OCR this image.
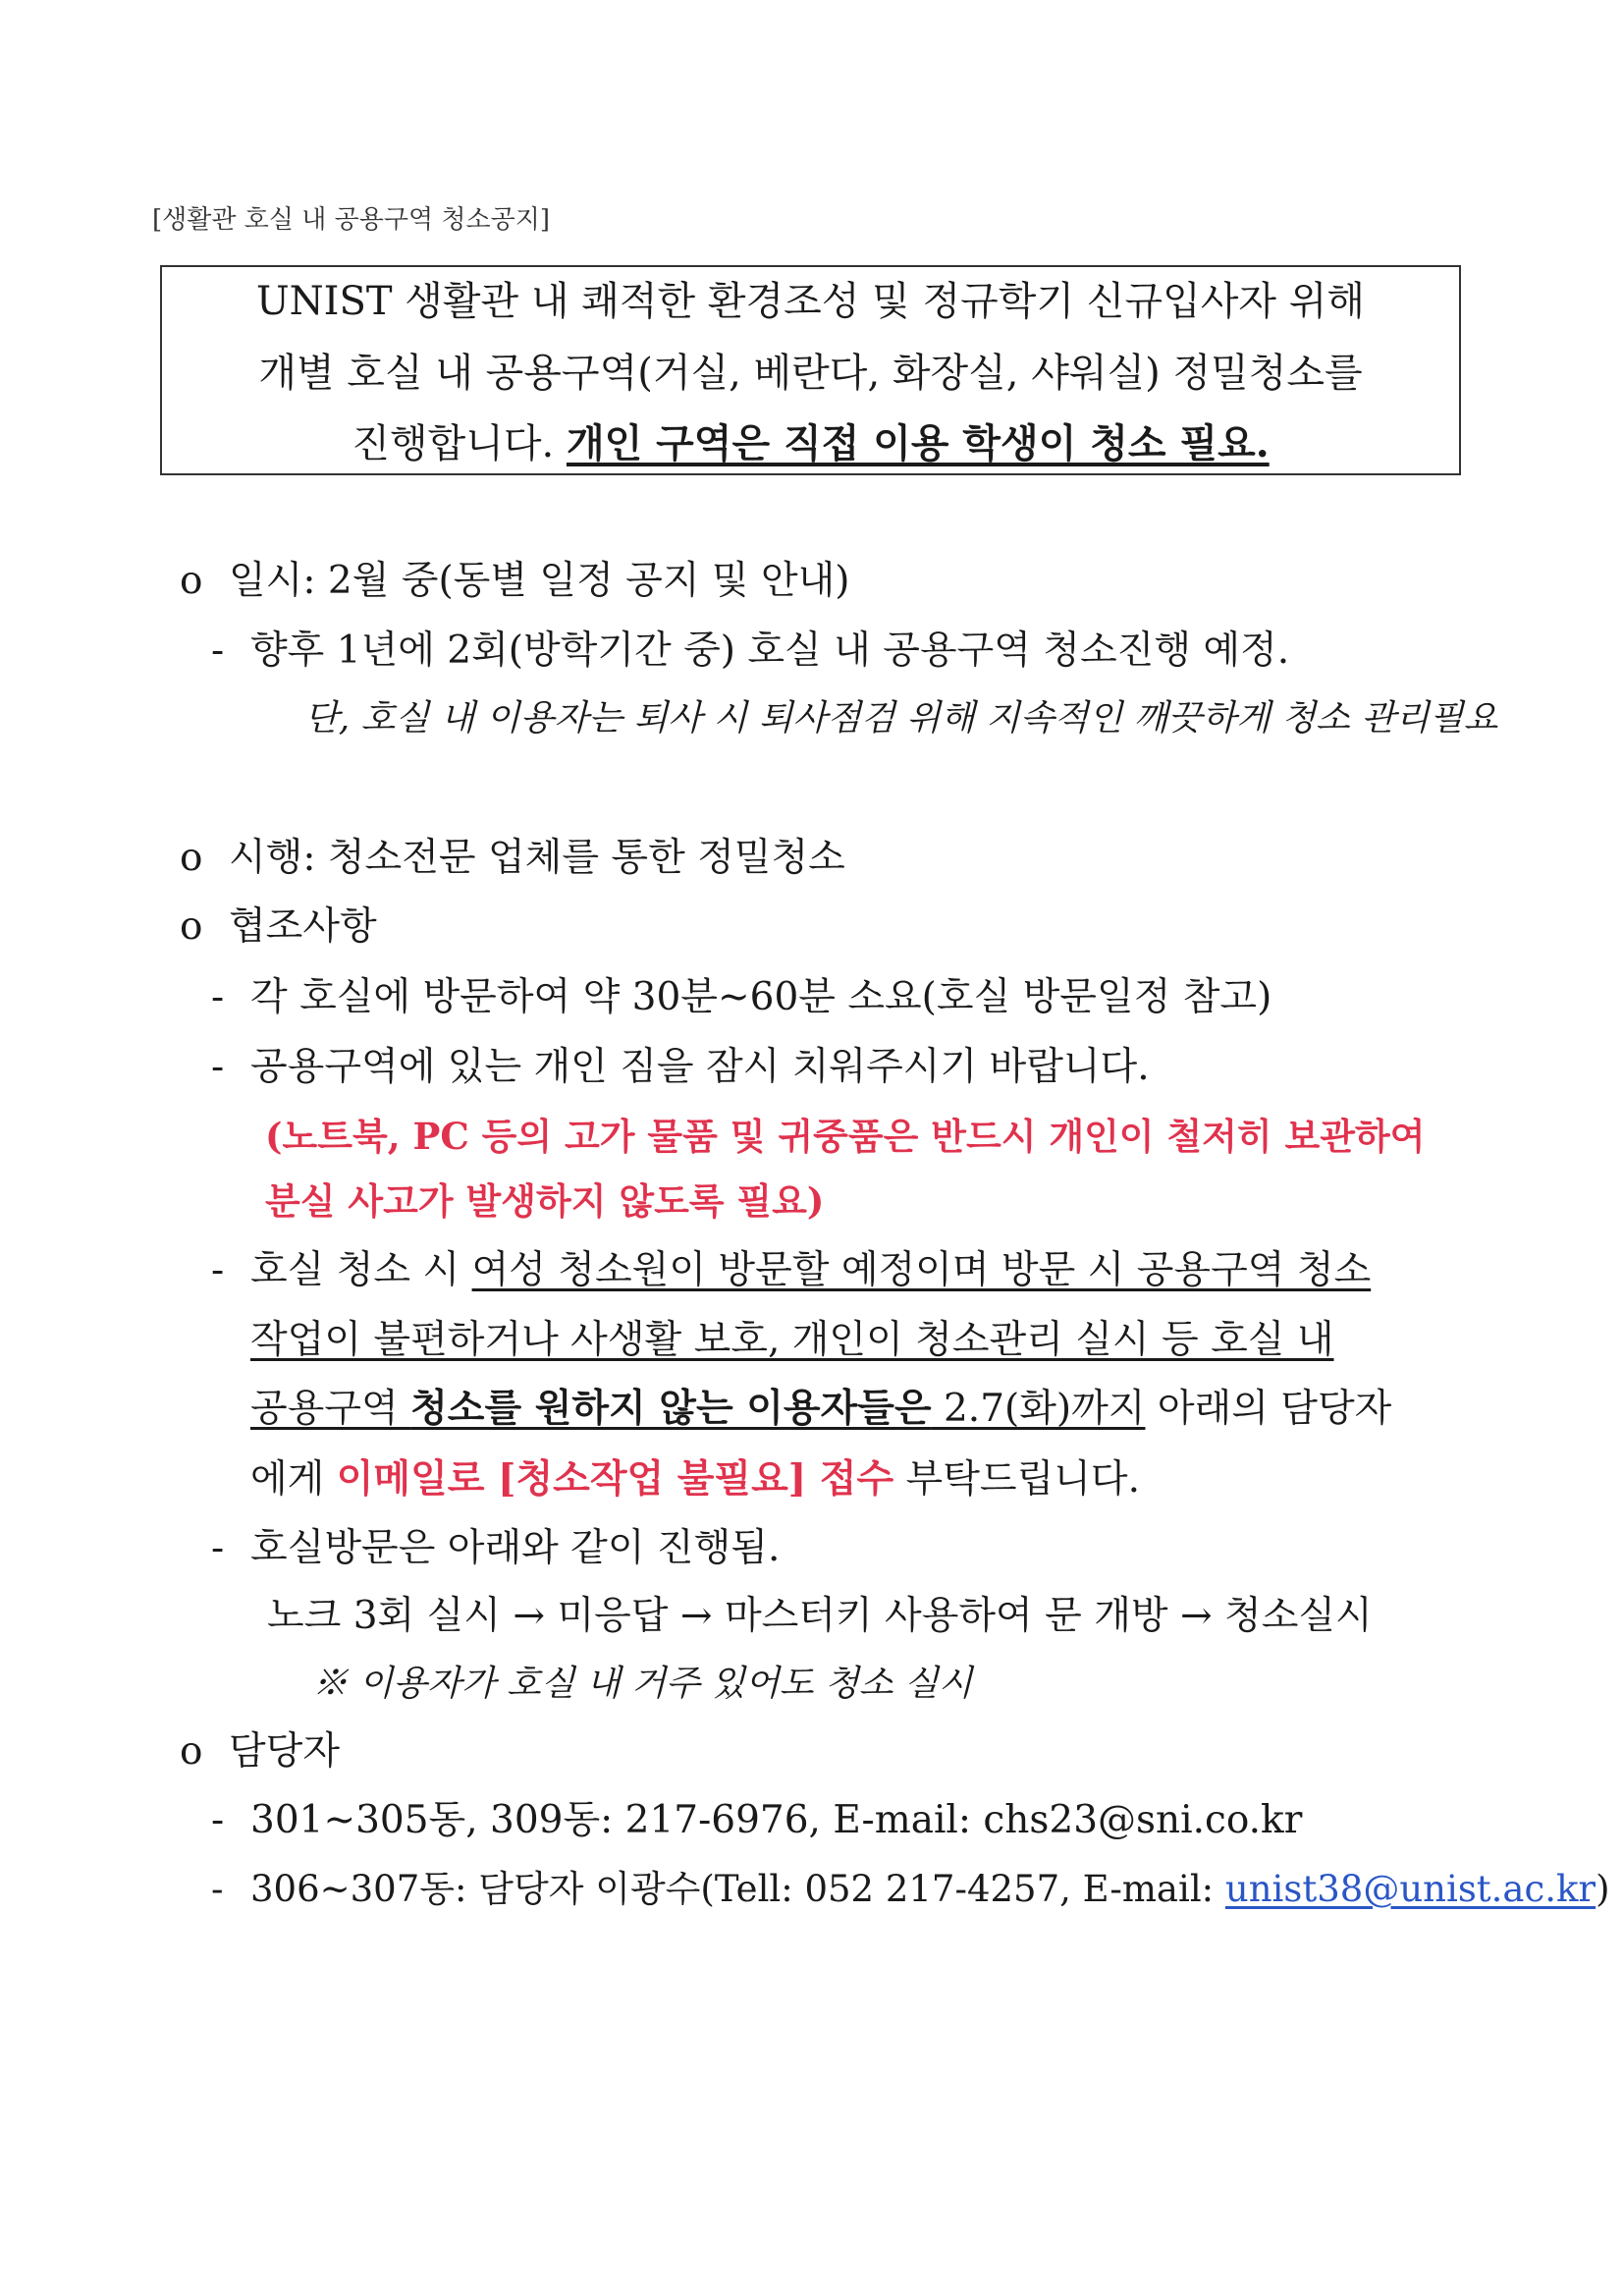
[생활관 호실 내 공용구역 청소공지]
UNIST 생활관 내 쾌적한 환경조성 및 정규학기 신규입사자 위해
개별 호실 내 공용구역(거실, 베란다, 화장실, 샤워실) 정밀청소를
진행합니다. 개인 구역은 직접 이용 학생이 청소 필요.
o 일시: 2월 중(동별 일정 공지 및 안내)
- 향후 1년에 2회(방학기간 중) 호실 내 공용구역 청소진행 예정.
단, 호실 내 이용자는 퇴사 시 퇴사점검 위해 지속적인 깨끗하게 청소 관리필요
o 시행: 청소전문 업체를 통한 정밀청소
o 협조사항
- 각 호실에 방문하여 약 30분~60분 소요(호실 방문일정 참고)
- 공용구역에 있는 개인 짐을 잠시 치워주시기 바랍니다.
(노트북, PC 등의 고가 물품 및 귀중품은 반드시 개인이 철저히 보관하여
분실 사고가 발생하지 않도록 필요)
- 호실 청소 시 여성 청소원이 방문할 예정이며 방문 시 공용구역 청소
작업이 불편하거나 사생활 보호, 개인이 청소관리 실시 등 호실 내
공용구역 청소를 원하지 않는 이용자들은 2.7(화)까지 아래의 담당자
에게 이메일로 [청소작업 불필요] 접수 부탁드립니다.
- 호실방문은 아래와 같이 진행됨.
노크 3회 실시 → 미응답 → 마스터키 사용하여 문 개방 → 청소실시
※ 이용자가 호실 내 거주 있어도 청소 실시
o 담당자
- 301~305동, 309동: 217-6976, E-mail: chs23@sni.co.kr
- 306~307동: 담당자 이광수(Tell: 052 217-4257, E-mail: unist38@unist.ac.kr)
